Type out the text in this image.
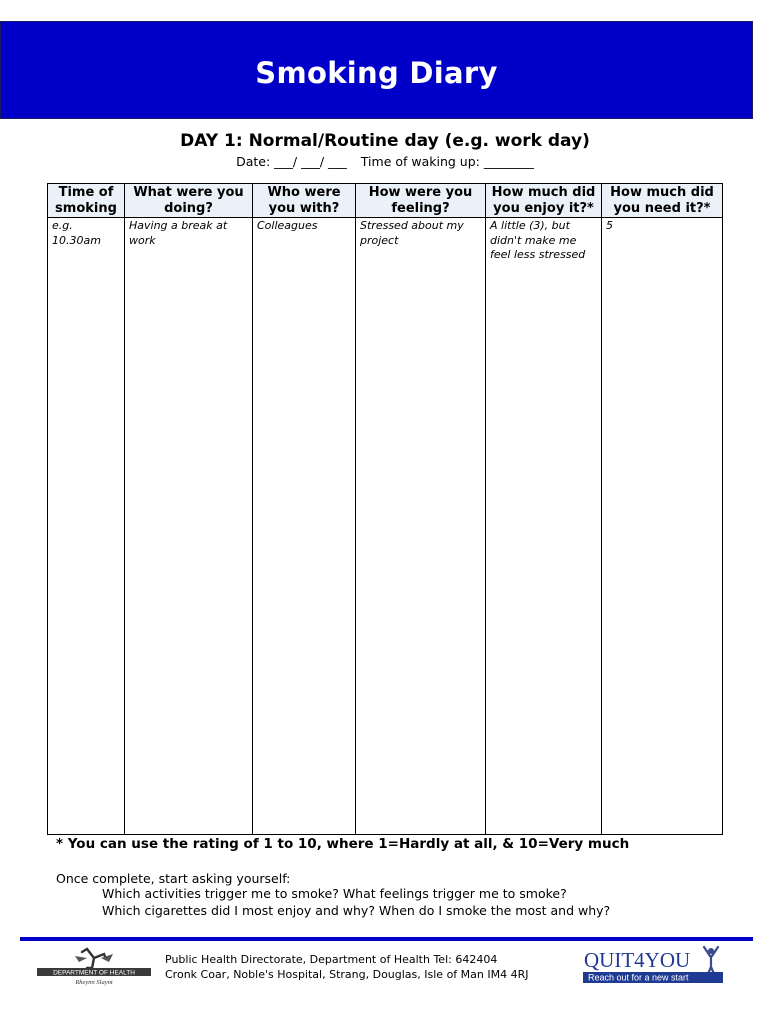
Smoking Diary
DAY 1: Normal/Routine day (e.g. work day)
Date: ___/ ___/ ___ Time of waking up: ________
Time of smoking	What were you doing?	Who were you with?	How were you feeling?	How much did you enjoy it?*	How much did you need it?*
e.g. 10.30am	Having a break at work	Colleagues	Stressed about my project	A little (3), but didn't make me feel less stressed	5
* You can use the rating of 1 to 10, where 1=Hardly at all, & 10=Very much
Once complete, start asking yourself:
Which activities trigger me to smoke? What feelings trigger me to smoke?
Which cigarettes did I most enjoy and why? When do I smoke the most and why?
DEPARTMENT OF HEALTH
Rheynn Slaynt
Public Health Directorate, Department of Health Tel: 642404
Cronk Coar, Noble's Hospital, Strang, Douglas, Isle of Man IM4 4RJ
QUIT4YOU
Reach out for a new start
